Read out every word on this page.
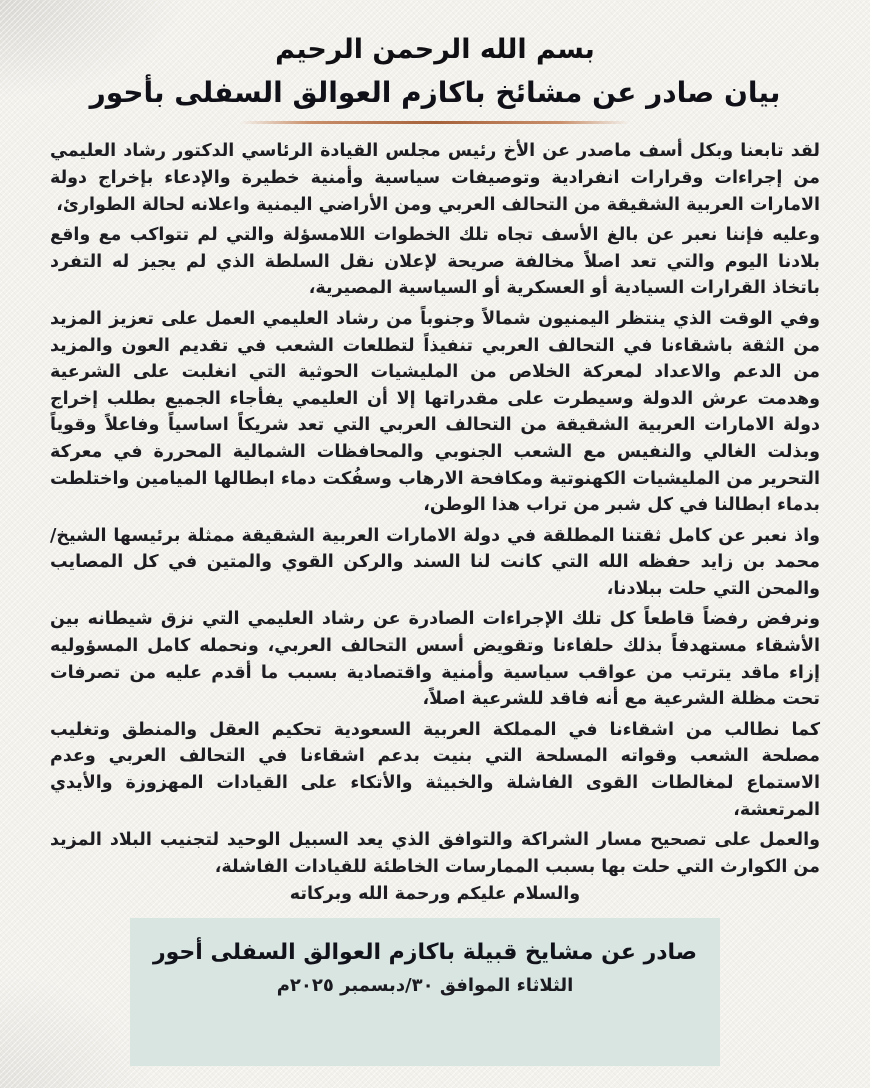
بسم الله الرحمن الرحيم
بيان صادر عن مشائخ باكازم العوالق السفلى بأحور

لقد تابعنا وبكل أسف ماصدر عن الأخ رئيس مجلس القيادة الرئاسي الدكتور رشاد العليمي من إجراءات وقرارات انفرادية وتوصيفات سياسية وأمنية خطيرة والإدعاء بإخراج دولة الامارات العربية الشقيقة من التحالف العربي ومن الأراضي اليمنية واعلانه لحالة الطوارئ،

وعليه فإننا نعبر عن بالغ الأسف تجاه تلك الخطوات اللامسؤلة والتي لم تتواكب مع واقع بلادنا اليوم والتي تعد اصلاً مخالفة صريحة لإعلان نقل السلطة الذي لم يجيز له التفرد باتخاذ القرارات السيادية أو العسكرية أو السياسية المصيرية،

وفي الوقت الذي ينتظر اليمنيون شمالاً وجنوباً من رشاد العليمي العمل على تعزيز المزيد من الثقة باشقاءنا في التحالف العربي تنفيذاً لتطلعات الشعب في تقديم العون والمزيد من الدعم والاعداد لمعركة الخلاص من المليشيات الحوثية التي انغلبت على الشرعية وهدمت عرش الدولة وسيطرت على مقدراتها إلا أن العليمي يفأجاء الجميع بطلب إخراج دولة الامارات العربية الشقيقة من التحالف العربي التي تعد شريكاً اساسياً وفاعلاً وقوياً وبذلت الغالي والنفيس مع الشعب الجنوبي والمحافظات الشمالية المحررة في معركة التحرير من المليشيات الكهنوتية ومكافحة الارهاب وسفُكت دماء ابطالها الميامين واختلطت بدماء ابطالنا في كل شبر من تراب هذا الوطن،

واذ نعبر عن كامل ثقتنا المطلقة في دولة الامارات العربية الشقيقة ممثلة برئيسها الشيخ/محمد بن زايد حفظه الله التي كانت لنا السند والركن القوي والمتين في كل المصايب والمحن التي حلت ببلادنا،

ونرفض رفضاً قاطعاً كل تلك الإجراءات الصادرة عن رشاد العليمي التي نزق شيطانه بين الأشقاء مستهدفاً بذلك حلفاءنا وتقويض أسس التحالف العربي، ونحمله كامل المسؤوليه إزاء ماقد يترتب من عواقب سياسية وأمنية واقتصادية بسبب ما أقدم عليه من تصرفات تحت مظلة الشرعية مع أنه فاقد للشرعية اصلاً،

كما نطالب من اشقاءنا في المملكة العربية السعودية تحكيم العقل والمنطق وتغليب مصلحة الشعب وقواته المسلحة التي بنيت بدعم اشقاءنا في التحالف العربي وعدم الاستماع لمغالطات القوى الفاشلة والخبيثة والأتكاء على القيادات المهزوزة والأيدي المرتعشة،

والعمل على تصحيح مسار الشراكة والتوافق الذي يعد السبيل الوحيد لتجنيب البلاد المزيد من الكوارث التي حلت بها بسبب الممارسات الخاطئة للقيادات الفاشلة،

والسلام عليكم ورحمة الله وبركاته
صادر عن مشايخ قبيلة باكازم العوالق السفلى أحور
الثلاثاء الموافق ٣٠/دبسمبر ٢٠٢٥م
